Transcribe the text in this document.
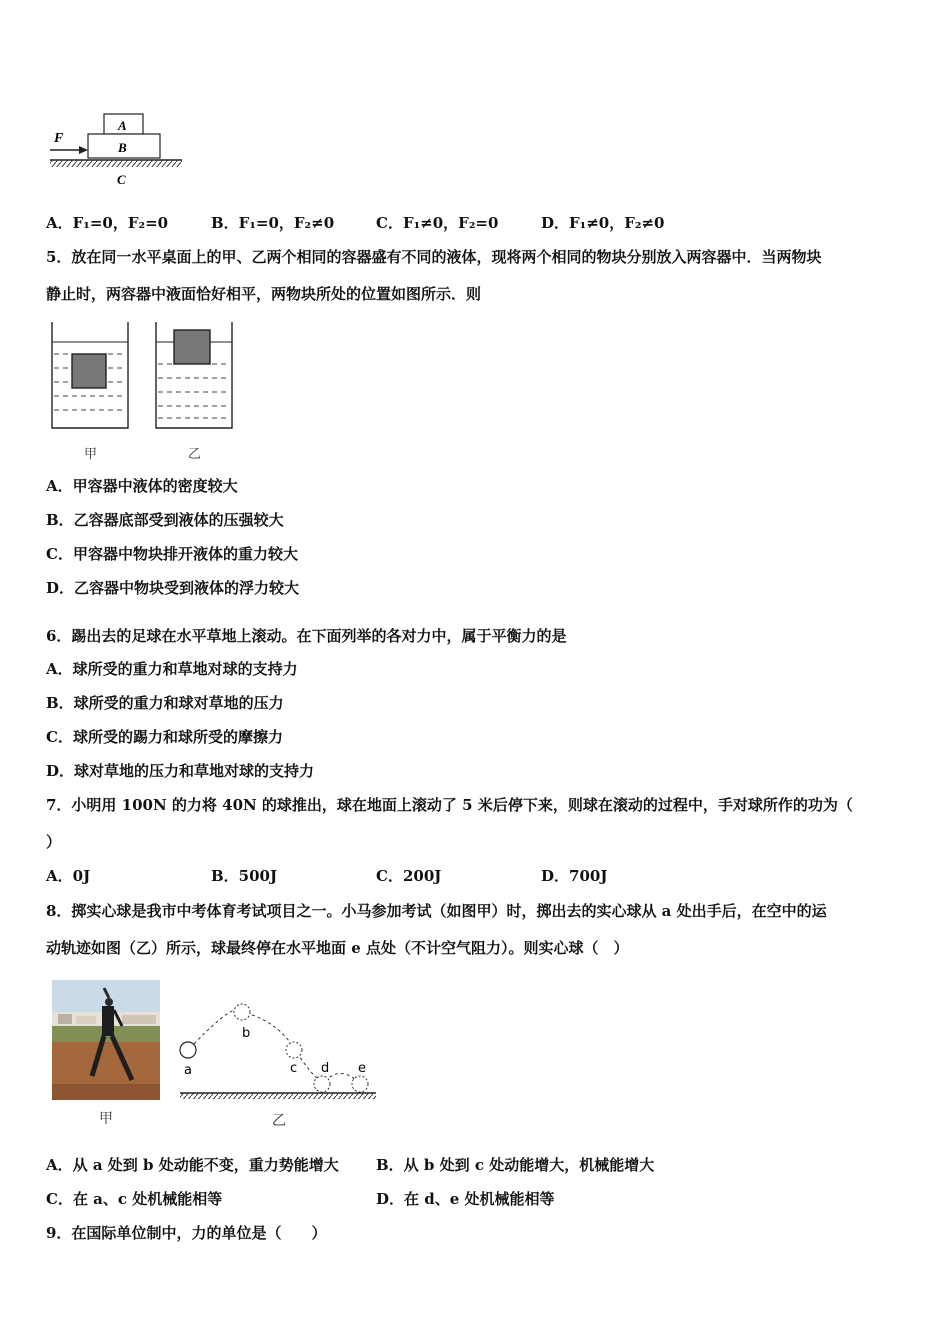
F
A
B
C
A．F₁=0，F₂=0	B．F₁=0，F₂≠0	C．F₁≠0，F₂=0	D．F₁≠0，F₂≠0
5．放在同一水平桌面上的甲、乙两个相同的容器盛有不同的液体，现将两个相同的物块分别放入两容器中．当两物块
静止时，两容器中液面恰好相平，两物块所处的位置如图所示．则
甲	乙
A．甲容器中液体的密度较大
B．乙容器底部受到液体的压强较大
C．甲容器中物块排开液体的重力较大
D．乙容器中物块受到液体的浮力较大
6．踢出去的足球在水平草地上滚动。在下面列举的各对力中，属于平衡力的是
A．球所受的重力和草地对球的支持力
B．球所受的重力和球对草地的压力
C．球所受的踢力和球所受的摩擦力
D．球对草地的压力和草地对球的支持力
7．小明用 100N 的力将 40N 的球推出，球在地面上滚动了 5 米后停下来，则球在滚动的过程中，手对球所作的功为（
）
A．0J	B．500J	C．200J	D．700J
8．掷实心球是我市中考体育考试项目之一。小马参加考试（如图甲）时，掷出去的实心球从 a 处出手后，在空中的运
动轨迹如图（乙）所示，球最终停在水平地面 e 点处（不计空气阻力）。则实心球（　）
甲
a
b
c d e
乙
A．从 a 处到 b 处动能不变，重力势能增大 B．从 b 处到 c 处动能增大，机械能增大
C．在 a、c 处机械能相等	D．在 d、e 处机械能相等
9．在国际单位制中，力的单位是（　　）
